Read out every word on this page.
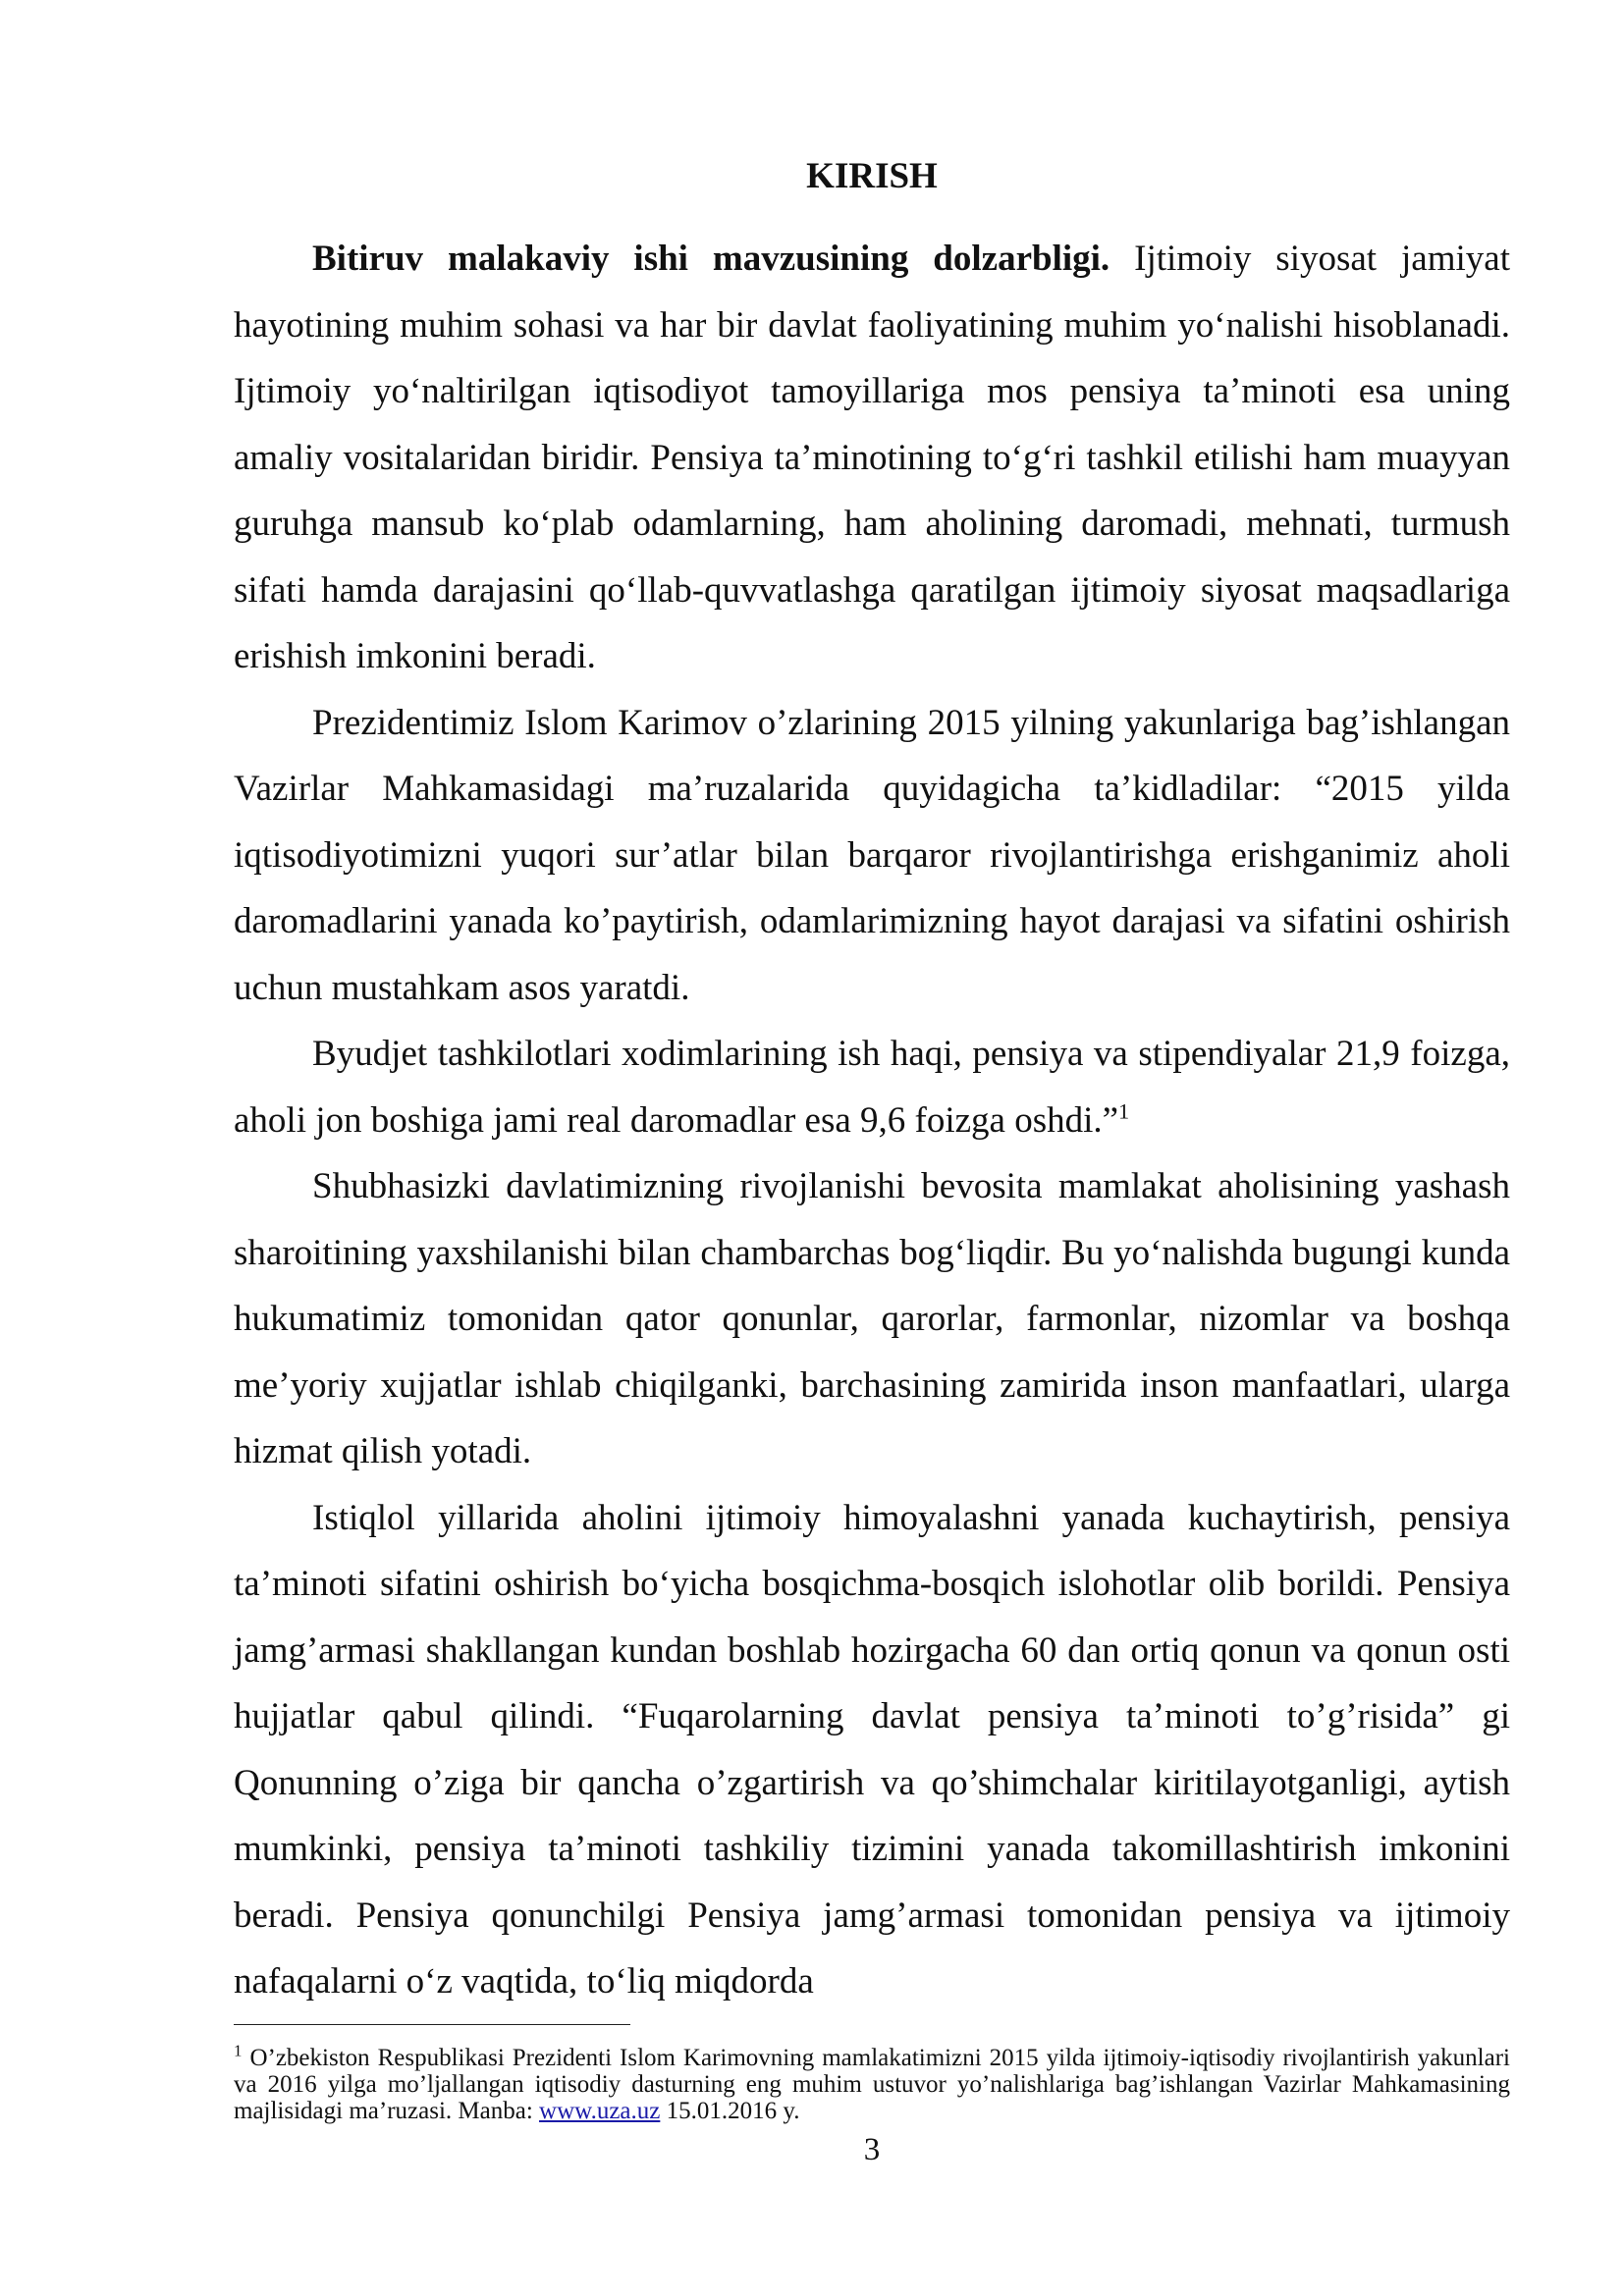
KIRISH

Bitiruv malakaviy ishi mavzusining dolzarbligi. Ijtimoiy siyosat jamiyat hayotining muhim sohasi va har bir davlat faoliyatining muhim yo‘nalishi hisoblanadi. Ijtimoiy yo‘naltirilgan iqtisodiyot tamoyillariga mos pensiya ta’minoti esa uning amaliy vositalaridan biridir. Pensiya ta’minotining to‘g‘ri tashkil etilishi ham muayyan guruhga mansub ko‘plab odamlarning, ham aholining daromadi, mehnati, turmush sifati hamda darajasini qo‘llab-quvvatlashga qaratilgan ijtimoiy siyosat maqsadlariga erishish imkonini beradi.

Prezidentimiz Islom Karimov o’zlarining 2015 yilning yakunlariga bag’ishlangan Vazirlar Mahkamasidagi ma’ruzalarida quyidagicha ta’kidladilar: “2015 yilda iqtisodiyotimizni yuqori sur’atlar bilan barqaror rivojlantirishga erishganimiz aholi daromadlarini yanada ko’paytirish, odamlarimizning hayot darajasi va sifatini oshirish uchun mustahkam asos yaratdi.

Byudjet tashkilotlari xodimlarining ish haqi, pensiya va stipendiyalar 21,9 foizga, aholi jon boshiga jami real daromadlar esa 9,6 foizga oshdi.”$^1$

Shubhasizki davlatimizning rivojlanishi bevosita mamlakat aholisining yashash sharoitining yaxshilanishi bilan chambarchas bog‘liqdir. Bu yo‘nalishda bugungi kunda hukumatimiz tomonidan qator qonunlar, qarorlar, farmonlar, nizomlar va boshqa me’yoriy xujjatlar ishlab chiqilganki, barchasining zamirida inson manfaatlari, ularga hizmat qilish yotadi.

Istiqlol yillarida aholini ijtimoiy himoyalashni yanada kuchaytirish, pensiya ta’minoti sifatini oshirish bo‘yicha bosqichma-bosqich islohotlar olib borildi. Pensiya jamg’armasi shakllangan kundan boshlab hozirgacha 60 dan ortiq qonun va qonun osti hujjatlar qabul qilindi. “Fuqarolarning davlat pensiya ta’minoti to’g’risida” gi Qonunning o’ziga bir qancha o’zgartirish va qo’shimchalar kiritilayotganligi, aytish mumkinki, pensiya ta’minoti tashkiliy tizimini yanada takomillashtirish imkonini beradi. Pensiya qonunchilgi Pensiya jamg’armasi tomonidan pensiya va ijtimoiy nafaqalarni o‘z vaqtida, to‘liq miqdorda

$^1$ O’zbekiston Respublikasi Prezidenti Islom Karimovning mamlakatimizni 2015 yilda ijtimoiy-iqtisodiy rivojlantirish yakunlari va 2016 yilga mo’ljallangan iqtisodiy dasturning eng muhim ustuvor yo’nalishlariga bag’ishlangan Vazirlar Mahkamasining majlisidagi ma’ruzasi. Manba: www.uza.uz 15.01.2016 y.

3
